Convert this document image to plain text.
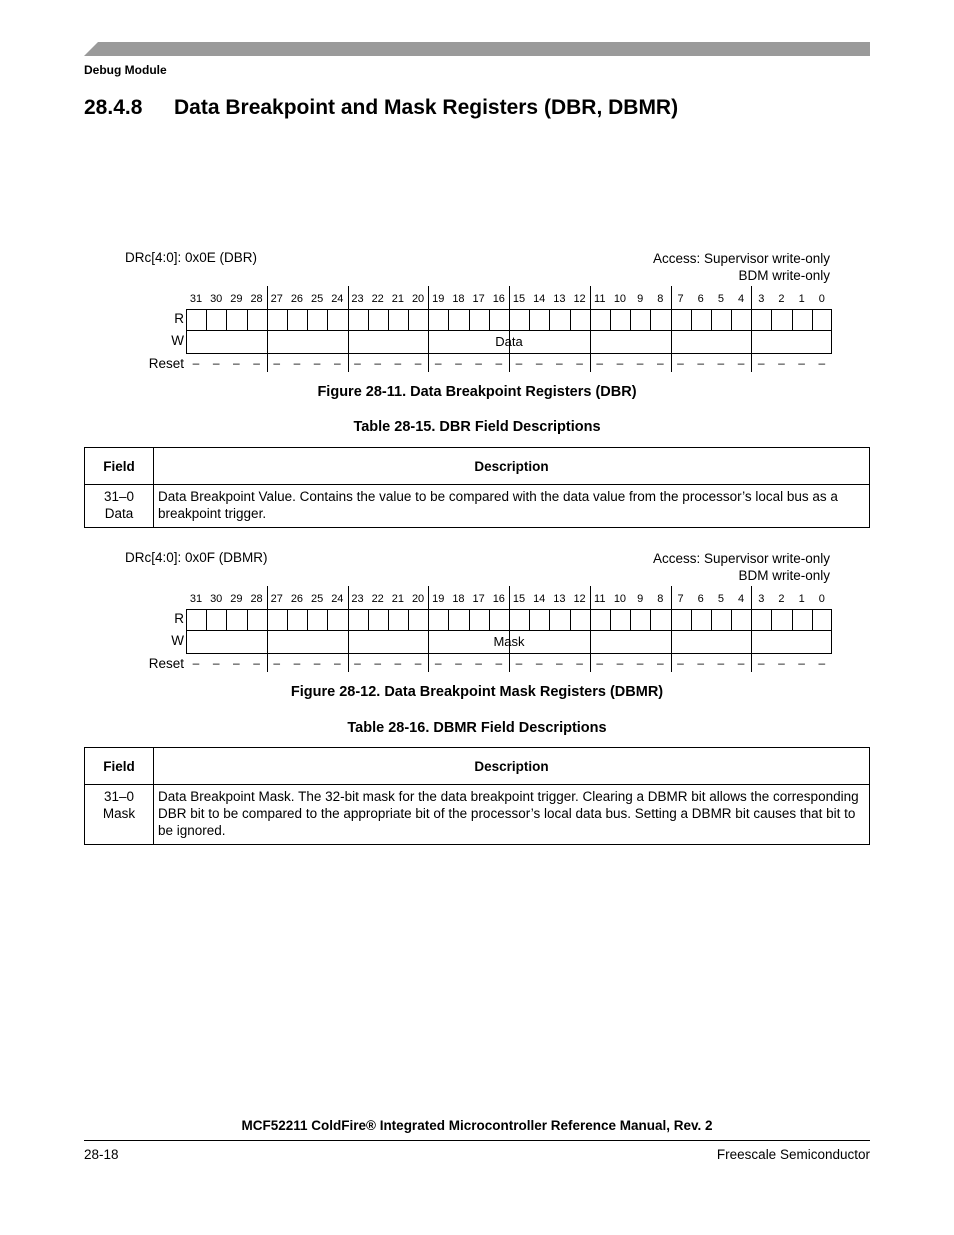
Debug Module
28.4.8 Data Breakpoint and Mask Registers (DBR, DBMR)
DRc[4:0]: 0x0E (DBR)	Access: Supervisor write-only
BDM write-only
Figure 28-11. Data Breakpoint Registers (DBR)
Table 28-15. DBR Field Descriptions
Field	Description

31–0
Data	Data Breakpoint Value. Contains the value to be compared with the data value from the processor’s local bus as a breakpoint trigger.
DRc[4:0]: 0x0F (DBMR)	Access: Supervisor write-only
BDM write-only
Figure 28-12. Data Breakpoint Mask Registers (DBMR)
Table 28-16. DBMR Field Descriptions
Field	Description

31–0
Mask	Data Breakpoint Mask. The 32-bit mask for the data breakpoint trigger. Clearing a DBMR bit allows the corresponding DBR bit to be compared to the appropriate bit of the processor’s local data bus. Setting a DBMR bit causes that bit to be ignored.
MCF52211 ColdFire® Integrated Microcontroller Reference Manual, Rev. 2
28-18	Freescale Semiconductor
31 30 29 28 27 26 25 24 23 22 21 20 19 18 17 16 15 14 13 12 11 10	9	8	7	6	5	4	3	2	1	0
Data
R
W
Reset –	–	–	–	–	–	–	–	–	–	–	–	–	–	–	–	–	–	–	–	–	–	–	–	–	–	–	–	–	–	–	–
31 30 29 28 27 26 25 24 23 22 21 20 19 18 17 16 15 14 13 12 11 10	9	8	7	6	5	4	3	2	1	0
Mask
R
W
Reset –	–	–	–	–	–	–	–	–	–	–	–	–	–	–	–	–	–	–	–	–	–	–	–	–	–	–	–	–	–	–	–
